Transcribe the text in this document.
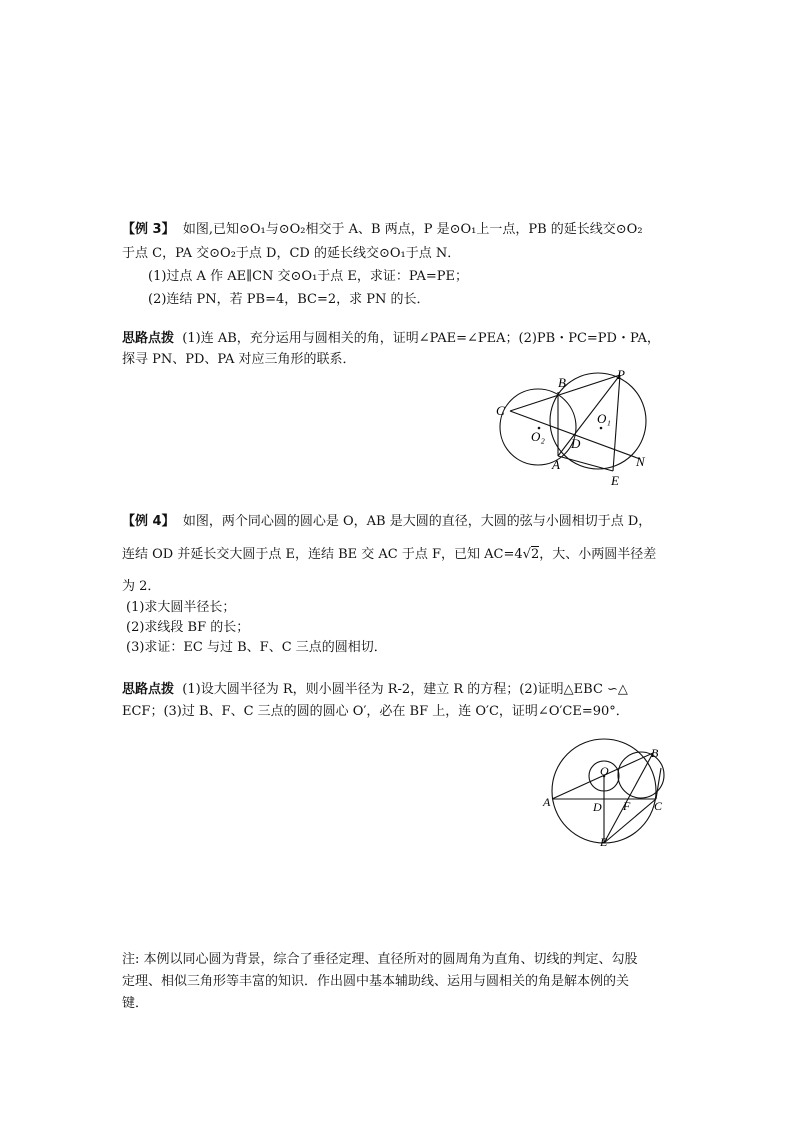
【例 3】 如图,已知⊙O₁与⊙O₂相交于 A、B 两点，P 是⊙O₁上一点，PB 的延长线交⊙O₂
于点 C，PA 交⊙O₂于点 D，CD 的延长线交⊙O₁于点 N．
(1)过点 A 作 AE∥CN 交⊙O₁于点 E，求证：PA=PE；
(2)连结 PN，若 PB=4，BC=2，求 PN 的长．
思路点拨 (1)连 AB，充分运用与圆相关的角，证明∠PAE=∠PEA；(2)PB・PC=PD・PA，
探寻 PN、PD、PA 对应三角形的联系．
B
P
C
O₁
O₂ D
A	N
E
【例 4】 如图，两个同心圆的圆心是 O，AB 是大圆的直径，大圆的弦与小圆相切于点 D，
连结 OD 并延长交大圆于点 E，连结 BE 交 AC 于点 F，已知 AC=4√2，大、小两圆半径差
为 2．
(1)求大圆半径长；
(2)求线段 BF 的长；
(3)求证：EC 与过 B、F、C 三点的圆相切．
思路点拨 (1)设大圆半径为 R，则小圆半径为 R-2，建立 R 的方程；(2)证明△EBC ∽△
ECF；(3)过 B、F、C 三点的圆的圆心 O′，必在 BF 上，连 O′C，证明∠O′CE=90°．
O
B
A	D F C
E
注: 本例以同心圆为背景，综合了垂径定理、直径所对的圆周角为直角、切线的判定、勾股
定理、相似三角形等丰富的知识．作出圆中基本辅助线、运用与圆相关的角是解本例的关
键．
